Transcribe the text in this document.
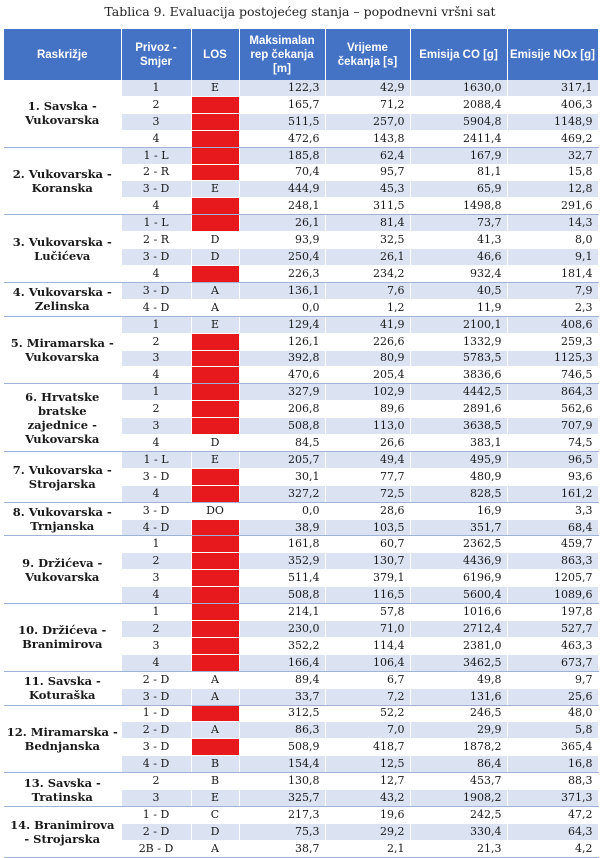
Tablica 9. Evaluacija postojećeg stanja – popodnevni vršni sat
Raskrižje	Privoz - Smjer	LOS	Maksimalan rep čekanja [m]	Vrijeme čekanja [s]	Emisija CO [g]	Emisije NOx [g]
1. Savska - Vukovarska	1	E	122,3	42,9	1630,0	317,1
	2	F	165,7	71,2	2088,4	406,3
	3	F	511,5	257,0	5904,8	1148,9
	4	F	472,6	143,8	2411,4	469,2
2. Vukovarska - Koranska	1 - L	F	185,8	62,4	167,9	32,7
	2 - R	F	70,4	95,7	81,1	15,8
	3 - D	E	444,9	45,3	65,9	12,8
	4	F	248,1	311,5	1498,8	291,6
3. Vukovarska - Lučićeva	1 - L	F	26,1	81,4	73,7	14,3
	2 - R	D	93,9	32,5	41,3	8,0
	3 - D	D	250,4	26,1	46,6	9,1
	4	F	226,3	234,2	932,4	181,4
4. Vukovarska - Zelinska	3 - D	A	136,1	7,6	40,5	7,9
	4 - D	A	0,0	1,2	11,9	2,3
5. Miramarska - Vukovarska	1	E	129,4	41,9	2100,1	408,6
	2	F	126,1	226,6	1332,9	259,3
	3	F	392,8	80,9	5783,5	1125,3
	4	F	470,6	205,4	3836,6	746,5
6. Hrvatske bratske zajednice - Vukovarska	1	F	327,9	102,9	4442,5	864,3
	2	F	206,8	89,6	2891,6	562,6
	3	F	508,8	113,0	3638,5	707,9
	4	D	84,5	26,6	383,1	74,5
7. Vukovarska - Strojarska	1 - L	E	205,7	49,4	495,9	96,5
	3 - D	F	30,1	77,7	480,9	93,6
	4	F	327,2	72,5	828,5	161,2
8. Vukovarska - Trnjanska	3 - D	DO	0,0	28,6	16,9	3,3
	4 - D	F	38,9	103,5	351,7	68,4
9. Držićeva - Vukovarska	1	F	161,8	60,7	2362,5	459,7
	2	F	352,9	130,7	4436,9	863,3
	3	F	511,4	379,1	6196,9	1205,7
	4	F	508,8	116,5	5600,4	1089,6
10. Držićeva - Branimirova	1	F	214,1	57,8	1016,6	197,8
	2	F	230,0	71,0	2712,4	527,7
	3	F	352,2	114,4	2381,0	463,3
	4	F	166,4	106,4	3462,5	673,7
11. Savska - Koturaška	2 - D	A	89,4	6,7	49,8	9,7
	3 - D	A	33,7	7,2	131,6	25,6
12. Miramarska - Bednjanska	1 - D	F	312,5	52,2	246,5	48,0
	2 - D	A	86,3	7,0	29,9	5,8
	3 - D	F	508,9	418,7	1878,2	365,4
	4 - D	B	154,4	12,5	86,4	16,8
13. Savska - Tratinska	2	B	130,8	12,7	453,7	88,3
	3	E	325,7	43,2	1908,2	371,3
14. Branimirova - Strojarska	1 - D	C	217,3	19,6	242,5	47,2
	2 - D	D	75,3	29,2	330,4	64,3
	2B - D	A	38,7	2,1	21,3	4,2
